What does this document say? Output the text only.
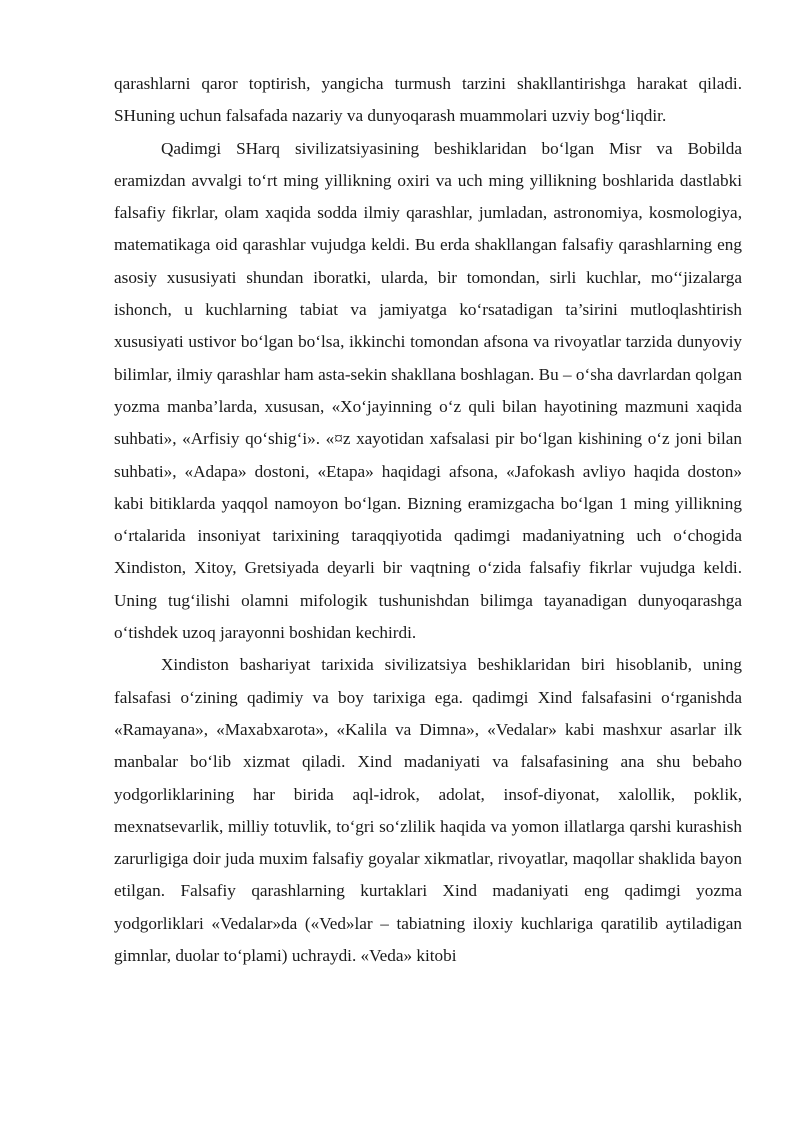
qarashlarni qaror toptirish, yangicha turmush tarzini shakllantirishga harakat qiladi. SHuning uchun falsafada nazariy va dunyoqarash muammolari uzviy bog‘liqdir.

Qadimgi SHarq sivilizatsiyasining beshiklaridan bo‘lgan Misr va Bobilda eramizdan avvalgi to‘rt ming yillikning oxiri va uch ming yillikning boshlarida dastlabki falsafiy fikrlar, olam xaqida sodda ilmiy qarashlar, jumladan, astronomiya, kosmologiya, matematikaga oid qarashlar vujudga keldi. Bu erda shakllangan falsafiy qarashlarning eng asosiy xususiyati shundan iboratki, ularda, bir tomondan, sirli kuchlar, mo‘‘jizalarga ishonch, u kuchlarning tabiat va jamiyatga ko‘rsatadigan ta’sirini mutloqlashtirish xususiyati ustivor bo‘lgan bo‘lsa, ikkinchi tomondan afsona va rivoyatlar tarzida dunyoviy bilimlar, ilmiy qarashlar ham asta-sekin shakllana boshlagan. Bu – o‘sha davrlardan qolgan yozma manba’larda, xususan, «Xo‘jayinning o‘z quli bilan hayotining mazmuni xaqida suhbati», «Arfisiy qo‘shig‘i». «¤z xayotidan xafsalasi pir bo‘lgan kishining o‘z joni bilan suhbati», «Adapa» dostoni, «Etapa» haqidagi afsona, «Jafokash avliyo haqida doston» kabi bitiklarda yaqqol namoyon bo‘lgan. Bizning eramizgacha bo‘lgan 1 ming yillikning o‘rtalarida insoniyat tarixining taraqqiyotida qadimgi madaniyatning uch o‘chogida Xindiston, Xitoy, Gretsiyada deyarli bir vaqtning o‘zida falsafiy fikrlar vujudga keldi. Uning tug‘ilishi olamni mifologik tushunishdan bilimga tayanadigan dunyoqarashga o‘tishdek uzoq jarayonni boshidan kechirdi.

Xindiston bashariyat tarixida sivilizatsiya beshiklaridan biri hisoblanib, uning falsafasi o‘zining qadimiy va boy tarixiga ega. qadimgi Xind falsafasini o‘rganishda «Ramayana», «Maxabxarota», «Kalila va Dimna», «Vedalar» kabi mashxur asarlar ilk manbalar bo‘lib xizmat qiladi. Xind madaniyati va falsafasining ana shu bebaho yodgorliklarining har birida aql-idrok, adolat, insof-diyonat, xalollik, poklik, mexnatsevarlik, milliy totuvlik, to‘gri so‘zlilik haqida va yomon illatlarga qarshi kurashish zarurligiga doir juda muxim falsafiy goyalar xikmatlar, rivoyatlar, maqollar shaklida bayon etilgan. Falsafiy qarashlarning kurtaklari Xind madaniyati eng qadimgi yozma yodgorliklari «Vedalar»da («Ved»lar – tabiatning iloxiy kuchlariga qaratilib aytiladigan gimnlar, duolar to‘plami) uchraydi. «Veda» kitobi
